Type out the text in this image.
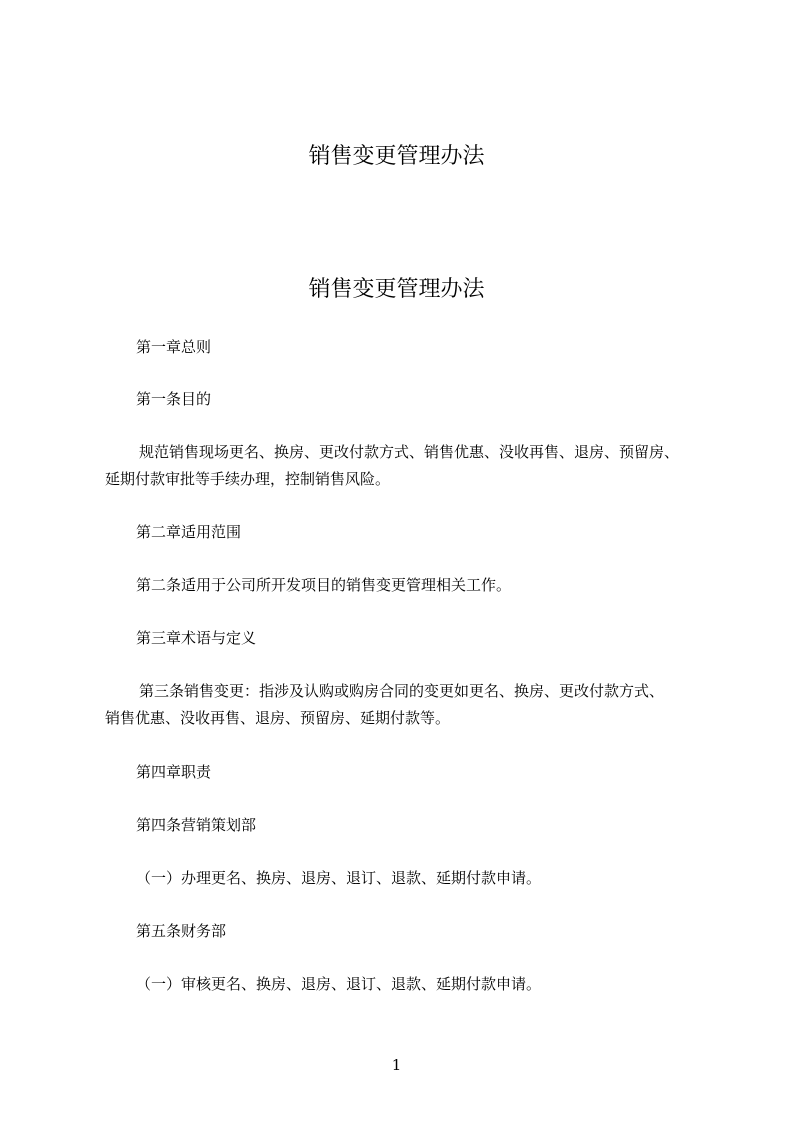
销售变更管理办法
销售变更管理办法
第一章总则
第一条目的
规范销售现场更名、换房、更改付款方式、销售优惠、没收再售、退房、预留房、
延期付款审批等手续办理，控制销售风险。
第二章适用范围
第二条适用于公司所开发项目的销售变更管理相关工作。
第三章术语与定义
第三条销售变更：指涉及认购或购房合同的变更如更名、换房、更改付款方式、
销售优惠、没收再售、退房、预留房、延期付款等。
第四章职责
第四条营销策划部
（一）办理更名、换房、退房、退订、退款、延期付款申请。
第五条财务部
（一）审核更名、换房、退房、退订、退款、延期付款申请。
1
